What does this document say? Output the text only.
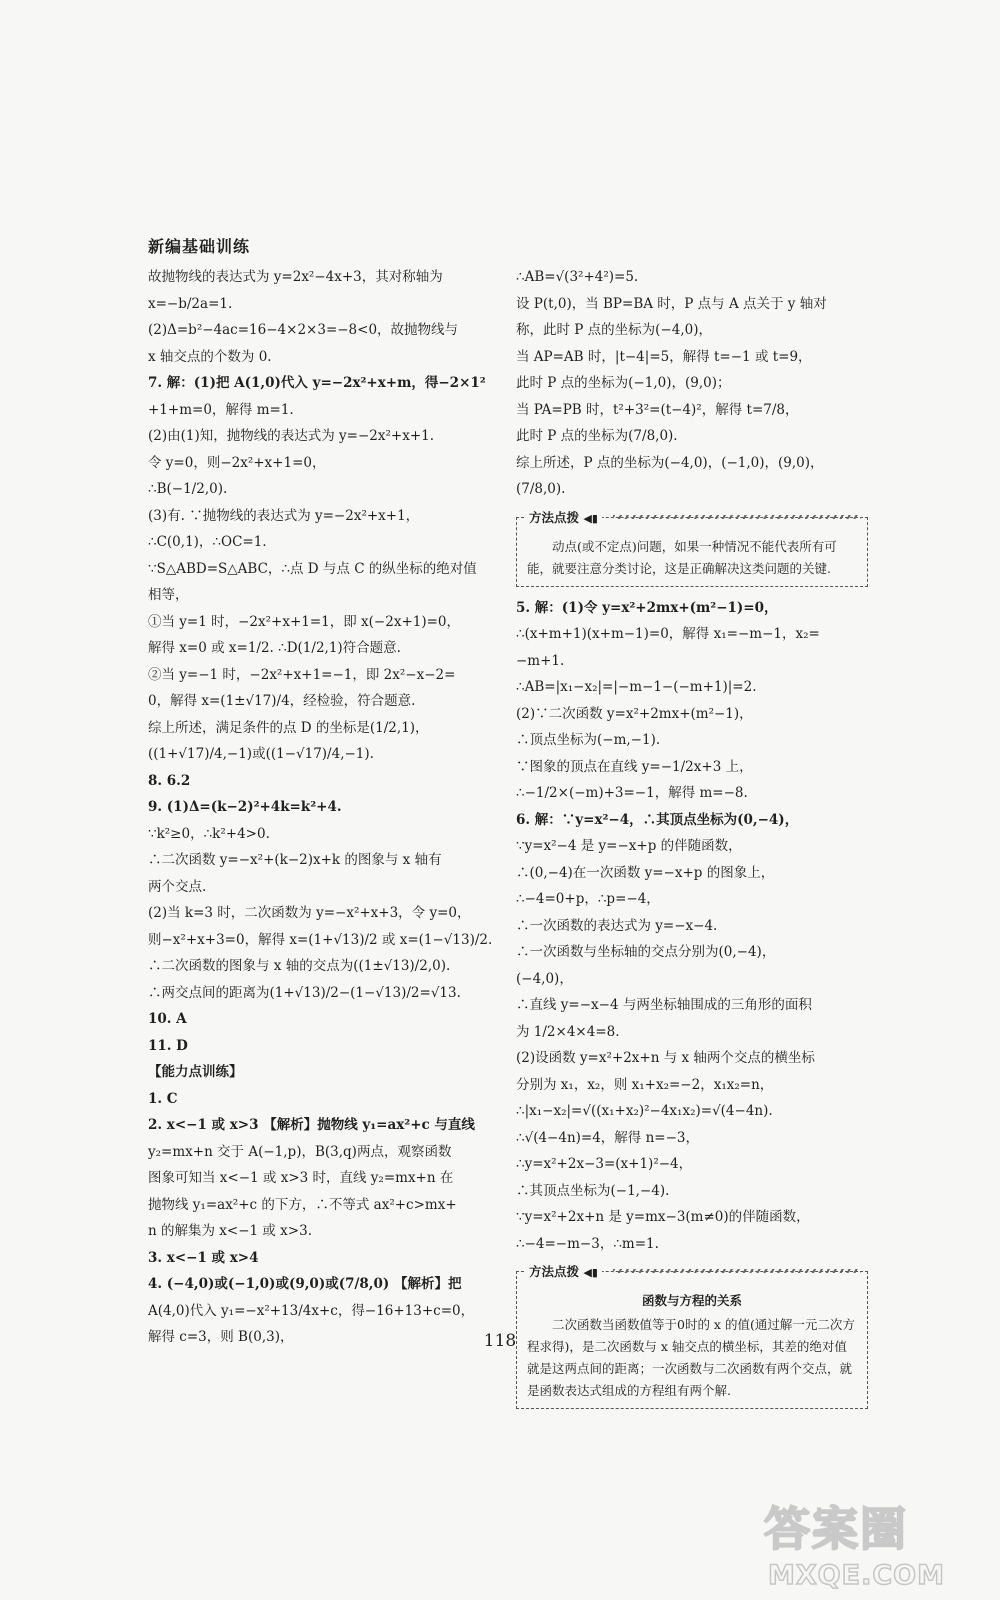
新编基础训练

故抛物线的表达式为 y=2x²−4x+3，其对称轴为

x=−b/2a=1.

(2)Δ=b²−4ac=16−4×2×3=−8<0，故抛物线与

x 轴交点的个数为 0.

7. 解：(1)把 A(1,0)代入 y=−2x²+x+m，得−2×1²

+1+m=0，解得 m=1.

(2)由(1)知，抛物线的表达式为 y=−2x²+x+1.

令 y=0，则−2x²+x+1=0，

∴B(−1/2,0).

(3)有. ∵抛物线的表达式为 y=−2x²+x+1，

∴C(0,1)，∴OC=1.

∵S△ABD=S△ABC，∴点 D 与点 C 的纵坐标的绝对值

相等，

①当 y=1 时，−2x²+x+1=1，即 x(−2x+1)=0，

解得 x=0 或 x=1/2. ∴D(1/2,1)符合题意.

②当 y=−1 时，−2x²+x+1=−1，即 2x²−x−2=

0，解得 x=(1±√17)/4，经检验，符合题意.

综上所述，满足条件的点 D 的坐标是(1/2,1)，

((1+√17)/4,−1)或((1−√17)/4,−1).

8. 6.2

9. (1)Δ=(k−2)²+4k=k²+4.

∵k²≥0，∴k²+4>0.

∴二次函数 y=−x²+(k−2)x+k 的图象与 x 轴有

两个交点.

(2)当 k=3 时，二次函数为 y=−x²+x+3，令 y=0，

则−x²+x+3=0，解得 x=(1+√13)/2 或 x=(1−√13)/2.

∴二次函数的图象与 x 轴的交点为((1±√13)/2,0).

∴两交点间的距离为(1+√13)/2−(1−√13)/2=√13.

10. A

11. D

【能力点训练】

1. C

2. x<−1 或 x>3 【解析】抛物线 y₁=ax²+c 与直线

y₂=mx+n 交于 A(−1,p)，B(3,q)两点，观察函数

图象可知当 x<−1 或 x>3 时，直线 y₂=mx+n 在

抛物线 y₁=ax²+c 的下方，∴不等式 ax²+c>mx+

n 的解集为 x<−1 或 x>3.

3. x<−1 或 x>4

4. (−4,0)或(−1,0)或(9,0)或(7/8,0) 【解析】把

A(4,0)代入 y₁=−x²+13/4x+c，得−16+13+c=0，

解得 c=3，则 B(0,3)，

∴AB=√(3²+4²)=5.

设 P(t,0)，当 BP=BA 时，P 点与 A 点关于 y 轴对

称，此时 P 点的坐标为(−4,0)，

当 AP=AB 时，|t−4|=5，解得 t=−1 或 t=9，

此时 P 点的坐标为(−1,0)，(9,0)；

当 PA=PB 时，t²+3²=(t−4)²，解得 t=7/8，

此时 P 点的坐标为(7/8,0).

综上所述，P 点的坐标为(−4,0)，(−1,0)，(9,0)，

(7/8,0).

方法点拨 ◀▮
动点(或不定点)问题，如果一种情况不能代表所有可能，就要注意分类讨论，这是正确解决这类问题的关键.

5. 解：(1)令 y=x²+2mx+(m²−1)=0，

∴(x+m+1)(x+m−1)=0，解得 x₁=−m−1，x₂=

−m+1.

∴AB=|x₁−x₂|=|−m−1−(−m+1)|=2.

(2)∵二次函数 y=x²+2mx+(m²−1)，

∴顶点坐标为(−m,−1).

∵图象的顶点在直线 y=−1/2x+3 上，

∴−1/2×(−m)+3=−1，解得 m=−8.

6. 解：∵y=x²−4，∴其顶点坐标为(0,−4)，

∵y=x²−4 是 y=−x+p 的伴随函数，

∴(0,−4)在一次函数 y=−x+p 的图象上，

∴−4=0+p，∴p=−4，

∴一次函数的表达式为 y=−x−4.

∴一次函数与坐标轴的交点分别为(0,−4)，

(−4,0)，

∴直线 y=−x−4 与两坐标轴围成的三角形的面积

为 1/2×4×4=8.

(2)设函数 y=x²+2x+n 与 x 轴两个交点的横坐标

分别为 x₁，x₂，则 x₁+x₂=−2，x₁x₂=n，

∴|x₁−x₂|=√((x₁+x₂)²−4x₁x₂)=√(4−4n).

∴√(4−4n)=4，解得 n=−3，

∴y=x²+2x−3=(x+1)²−4，

∴其顶点坐标为(−1,−4).

∵y=x²+2x+n 是 y=mx−3(m≠0)的伴随函数，

∴−4=−m−3，∴m=1.

方法点拨 ◀▮
函数与方程的关系
二次函数当函数值等于0时的 x 的值(通过解一元二次方程求得)，是二次函数与 x 轴交点的横坐标，其差的绝对值就是这两点间的距离；一次函数与二次函数有两个交点，就是函数表达式组成的方程组有两个解.
118
答案圈
MXQE.COM
